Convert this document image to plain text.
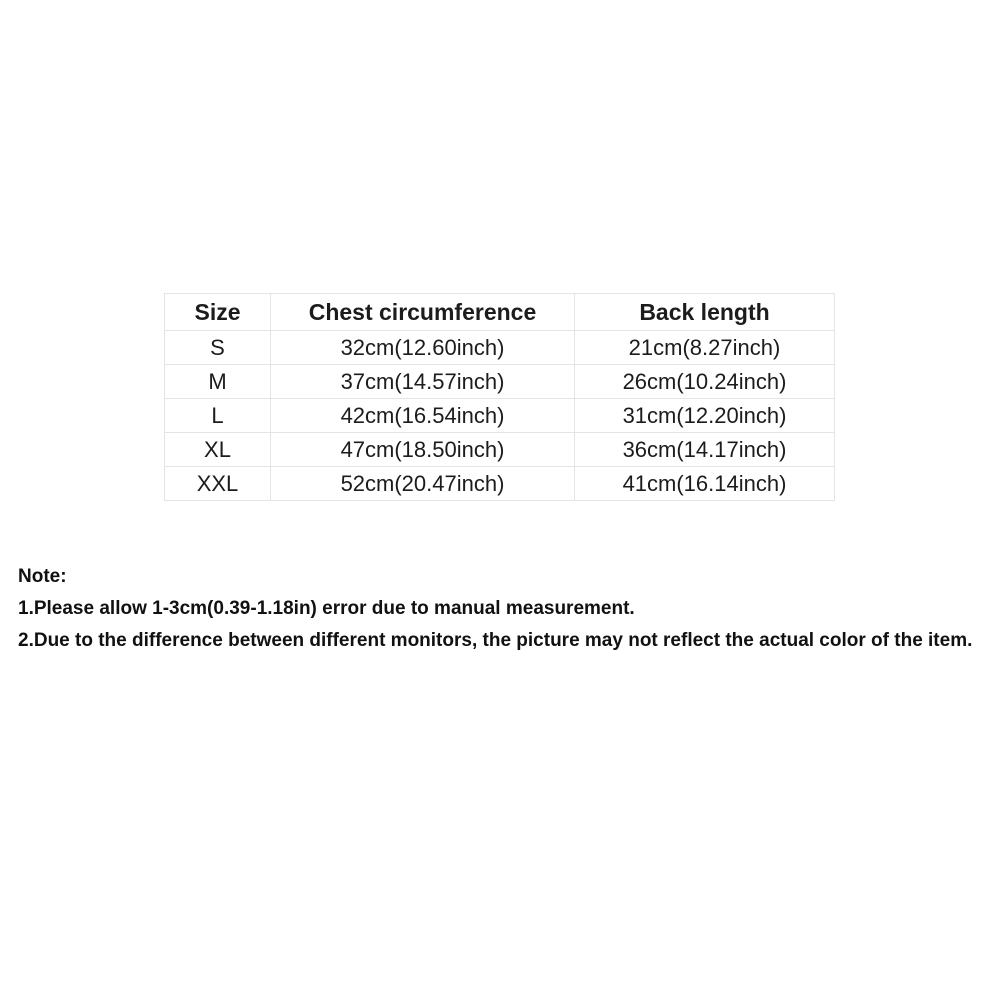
Size	Chest circumference	Back length
S	32cm(12.60inch)	21cm(8.27inch)
M	37cm(14.57inch)	26cm(10.24inch)
L	42cm(16.54inch)	31cm(12.20inch)
XL	47cm(18.50inch)	36cm(14.17inch)
XXL	52cm(20.47inch)	41cm(16.14inch)
Note:
1.Please allow 1-3cm(0.39-1.18in) error due to manual measurement.
2.Due to the difference between different monitors, the picture may not reflect the actual color of the item.
